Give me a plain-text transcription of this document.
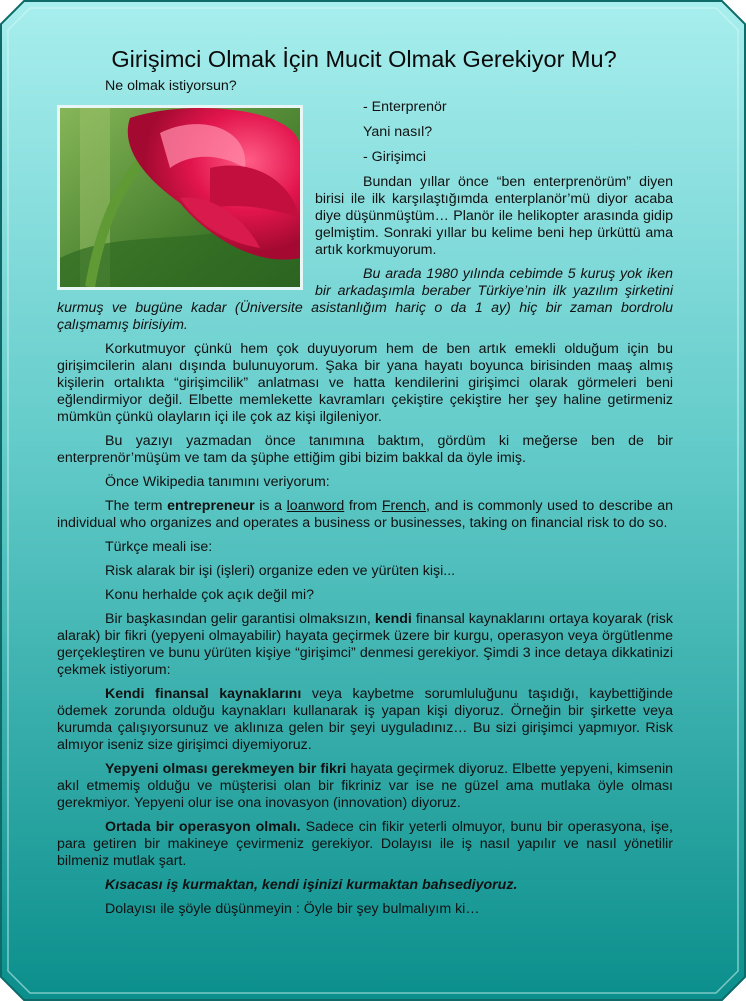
Girişimci Olmak İçin Mucit Olmak Gerekiyor Mu?

Ne olmak istiyorsun?

- Enterprenör

Yani nasıl?

- Girişimci

Bundan yıllar önce “ben enterprenörüm” diyen birisi ile ilk karşılaştığımda enterplanör’mü diyor acaba diye düşünmüştüm… Planör ile helikopter arasında gidip gelmiştim. Sonraki yıllar bu kelime beni hep ürküttü ama artık korkmuyorum.

Bu arada 1980 yılında cebimde 5 kuruş yok iken bir arkadaşımla beraber Türkiye’nin ilk yazılım şirketini kurmuş ve bugüne kadar (Üniversite asistanlığım hariç o da 1 ay) hiç bir zaman bordrolu çalışmamış birisiyim.

Korkutmuyor çünkü hem çok duyuyorum hem de ben artık emekli olduğum için bu girişimcilerin alanı dışında bulunuyorum. Şaka bir yana hayatı boyunca birisinden maaş almış kişilerin ortalıkta “girişimcilik” anlatması ve hatta kendilerini girişimci olarak görmeleri beni eğlendirmiyor değil. Elbette memlekette kavramları çekiştire çekiştire her şey haline getirmeniz mümkün çünkü olayların içi ile çok az kişi ilgileniyor.

Bu yazıyı yazmadan önce tanımına baktım, gördüm ki meğerse ben de bir enterprenör’müşüm ve tam da şüphe ettiğim gibi bizim bakkal da öyle imiş.

Önce Wikipedia tanımını veriyorum:

The term entrepreneur is a loanword from French, and is commonly used to describe an individual who organizes and operates a business or businesses, taking on financial risk to do so.

Türkçe meali ise:

Risk alarak bir işi (işleri) organize eden ve yürüten kişi...

Konu herhalde çok açık değil mi?

Bir başkasından gelir garantisi olmaksızın, kendi finansal kaynaklarını ortaya koyarak (risk alarak) bir fikri (yepyeni olmayabilir) hayata geçirmek üzere bir kurgu, operasyon veya örgütlenme gerçekleştiren ve bunu yürüten kişiye “girişimci” denmesi gerekiyor. Şimdi 3 ince detaya dikkatinizi çekmek istiyorum:

Kendi finansal kaynaklarını veya kaybetme sorumluluğunu taşıdığı, kaybettiğinde ödemek zorunda olduğu kaynakları kullanarak iş yapan kişi diyoruz. Örneğin bir şirkette veya kurumda çalışıyorsunuz ve aklınıza gelen bir şeyi uyguladınız… Bu sizi girişimci yapmıyor. Risk almıyor iseniz size girişimci diyemiyoruz.

Yepyeni olması gerekmeyen bir fikri hayata geçirmek diyoruz. Elbette yepyeni, kimsenin akıl etmemiş olduğu ve müşterisi olan bir fikriniz var ise ne güzel ama mutlaka öyle olması gerekmiyor. Yepyeni olur ise ona inovasyon (innovation) diyoruz.

Ortada bir operasyon olmalı. Sadece cin fikir yeterli olmuyor, bunu bir operasyona, işe, para getiren bir makineye çevirmeniz gerekiyor. Dolayısı ile iş nasıl yapılır ve nasıl yönetilir bilmeniz mutlak şart.

Kısacası iş kurmaktan, kendi işinizi kurmaktan bahsediyoruz.

Dolayısı ile şöyle düşünmeyin : Öyle bir şey bulmalıyım ki…
